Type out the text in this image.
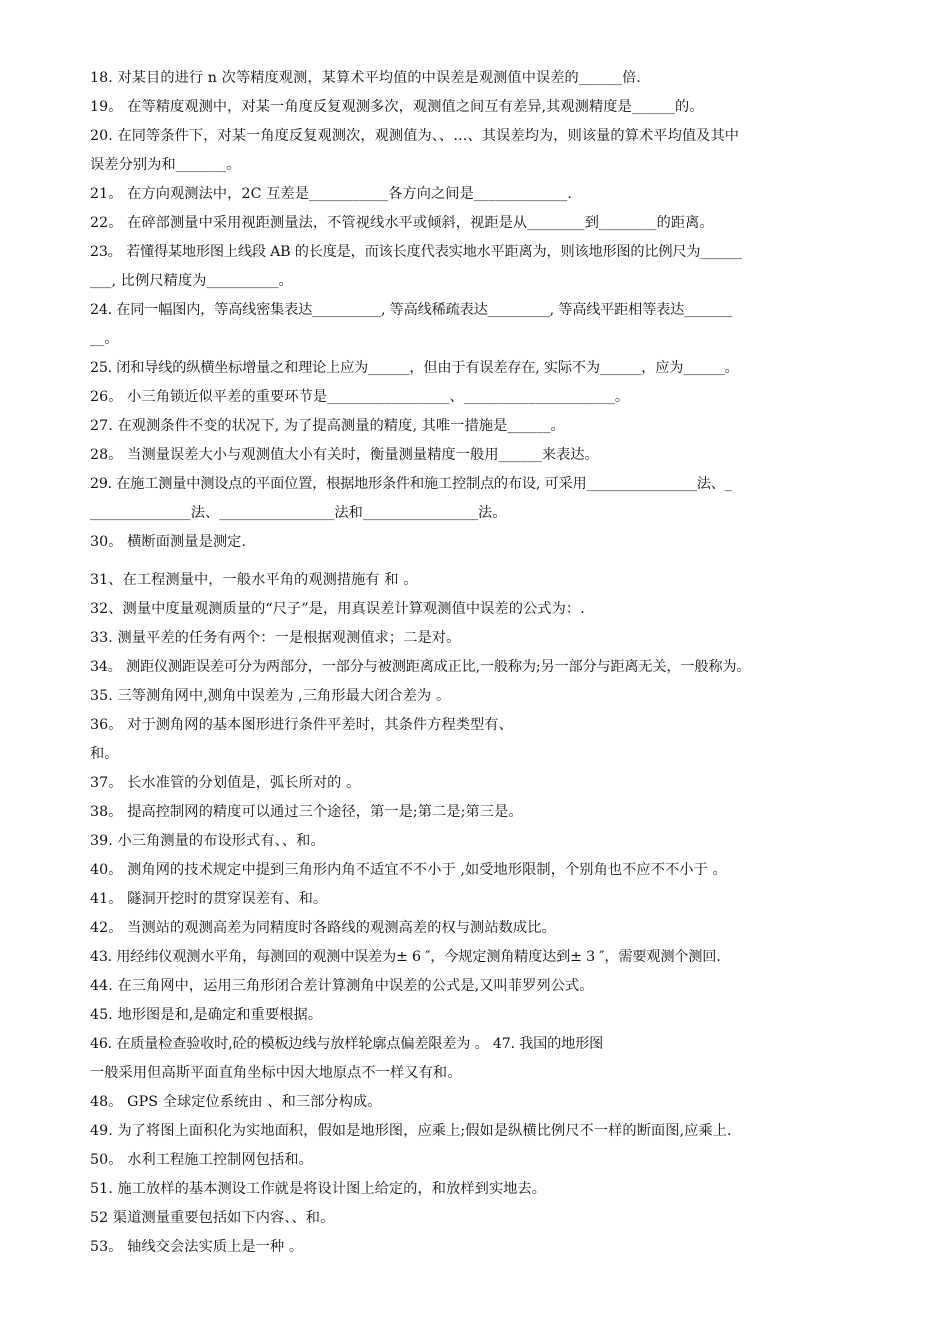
18. 对某目的进行 n 次等精度观测，某算术平均值的中误差是观测值中误差的______倍.
19。 在等精度观测中，对某一角度反复观测多次，观测值之间互有差异,其观测精度是______的。
20. 在同等条件下，对某一角度反复观测次，观测值为、、…、其误差均为，则该量的算术平均值及其中
误差分别为和_______。
21。 在方向观测法中，2C 互差是___________各方向之间是_____________.
22。 在碎部测量中采用视距测量法，不管视线水平或倾斜，视距是从________到________的距离。
23。 若懂得某地形图上线段 AB 的长度是，而该长度代表实地水平距离为，则该地形图的比例尺为______
___, 比例尺精度为__________。
24. 在同一幅图内，等高线密集表达__________, 等高线稀疏表达_________, 等高线平距相等表达_______
__。
25. 闭和导线的纵横坐标增量之和理论上应为______，但由于有误差存在, 实际不为______，应为______。
26。 小三角锁近似平差的重要环节是_________________、_____________________。
27. 在观测条件不变的状况下, 为了提高测量的精度, 其唯一措施是______。
28。 当测量误差大小与观测值大小有关时，衡量测量精度一般用______来表达。
29. 在施工测量中测设点的平面位置，根据地形条件和施工控制点的布设, 可采用________________法、_
______________法、________________法和________________法。
30。 横断面测量是测定.
31、在工程测量中，一般水平角的观测措施有 和 。
32、测量中度量观测质量的“尺子”是，用真误差计算观测值中误差的公式为：.
33. 测量平差的任务有两个：一是根据观测值求；二是对。
34。 测距仪测距误差可分为两部分，一部分与被测距离成正比,一般称为;另一部分与距离无关，一般称为。
35. 三等测角网中,测角中误差为 ,三角形最大闭合差为 。
36。 对于测角网的基本图形进行条件平差时，其条件方程类型有、
和。
37。 长水准管的分划值是，弧长所对的 。
38。 提高控制网的精度可以通过三个途径，第一是;第二是;第三是。
39. 小三角测量的布设形式有、、和。
40。 测角网的技术规定中提到三角形内角不适宜不不小于 ,如受地形限制，个别角也不应不不小于 。
41。 隧洞开挖时的贯穿误差有、和。
42。 当测站的观测高差为同精度时各路线的观测高差的权与测站数成比。
43. 用经纬仪观测水平角，每测回的观测中误差为± 6 ″，今规定测角精度达到± 3 ″，需要观测个测回.
44. 在三角网中，运用三角形闭合差计算测角中误差的公式是,又叫菲罗列公式。
45. 地形图是和,是确定和重要根据。
46. 在质量检查验收时,砼的模板边线与放样轮廓点偏差限差为 。 47. 我国的地形图
一般采用但高斯平面直角坐标中因大地原点不一样又有和。
48。 GPS 全球定位系统由 、和三部分构成。
49. 为了将图上面积化为实地面积，假如是地形图，应乘上;假如是纵横比例尺不一样的断面图,应乘上.
50。 水利工程施工控制网包括和。
51. 施工放样的基本测设工作就是将设计图上给定的，和放样到实地去。
52 渠道测量重要包括如下内容、、和。
53。 轴线交会法实质上是一种 。
